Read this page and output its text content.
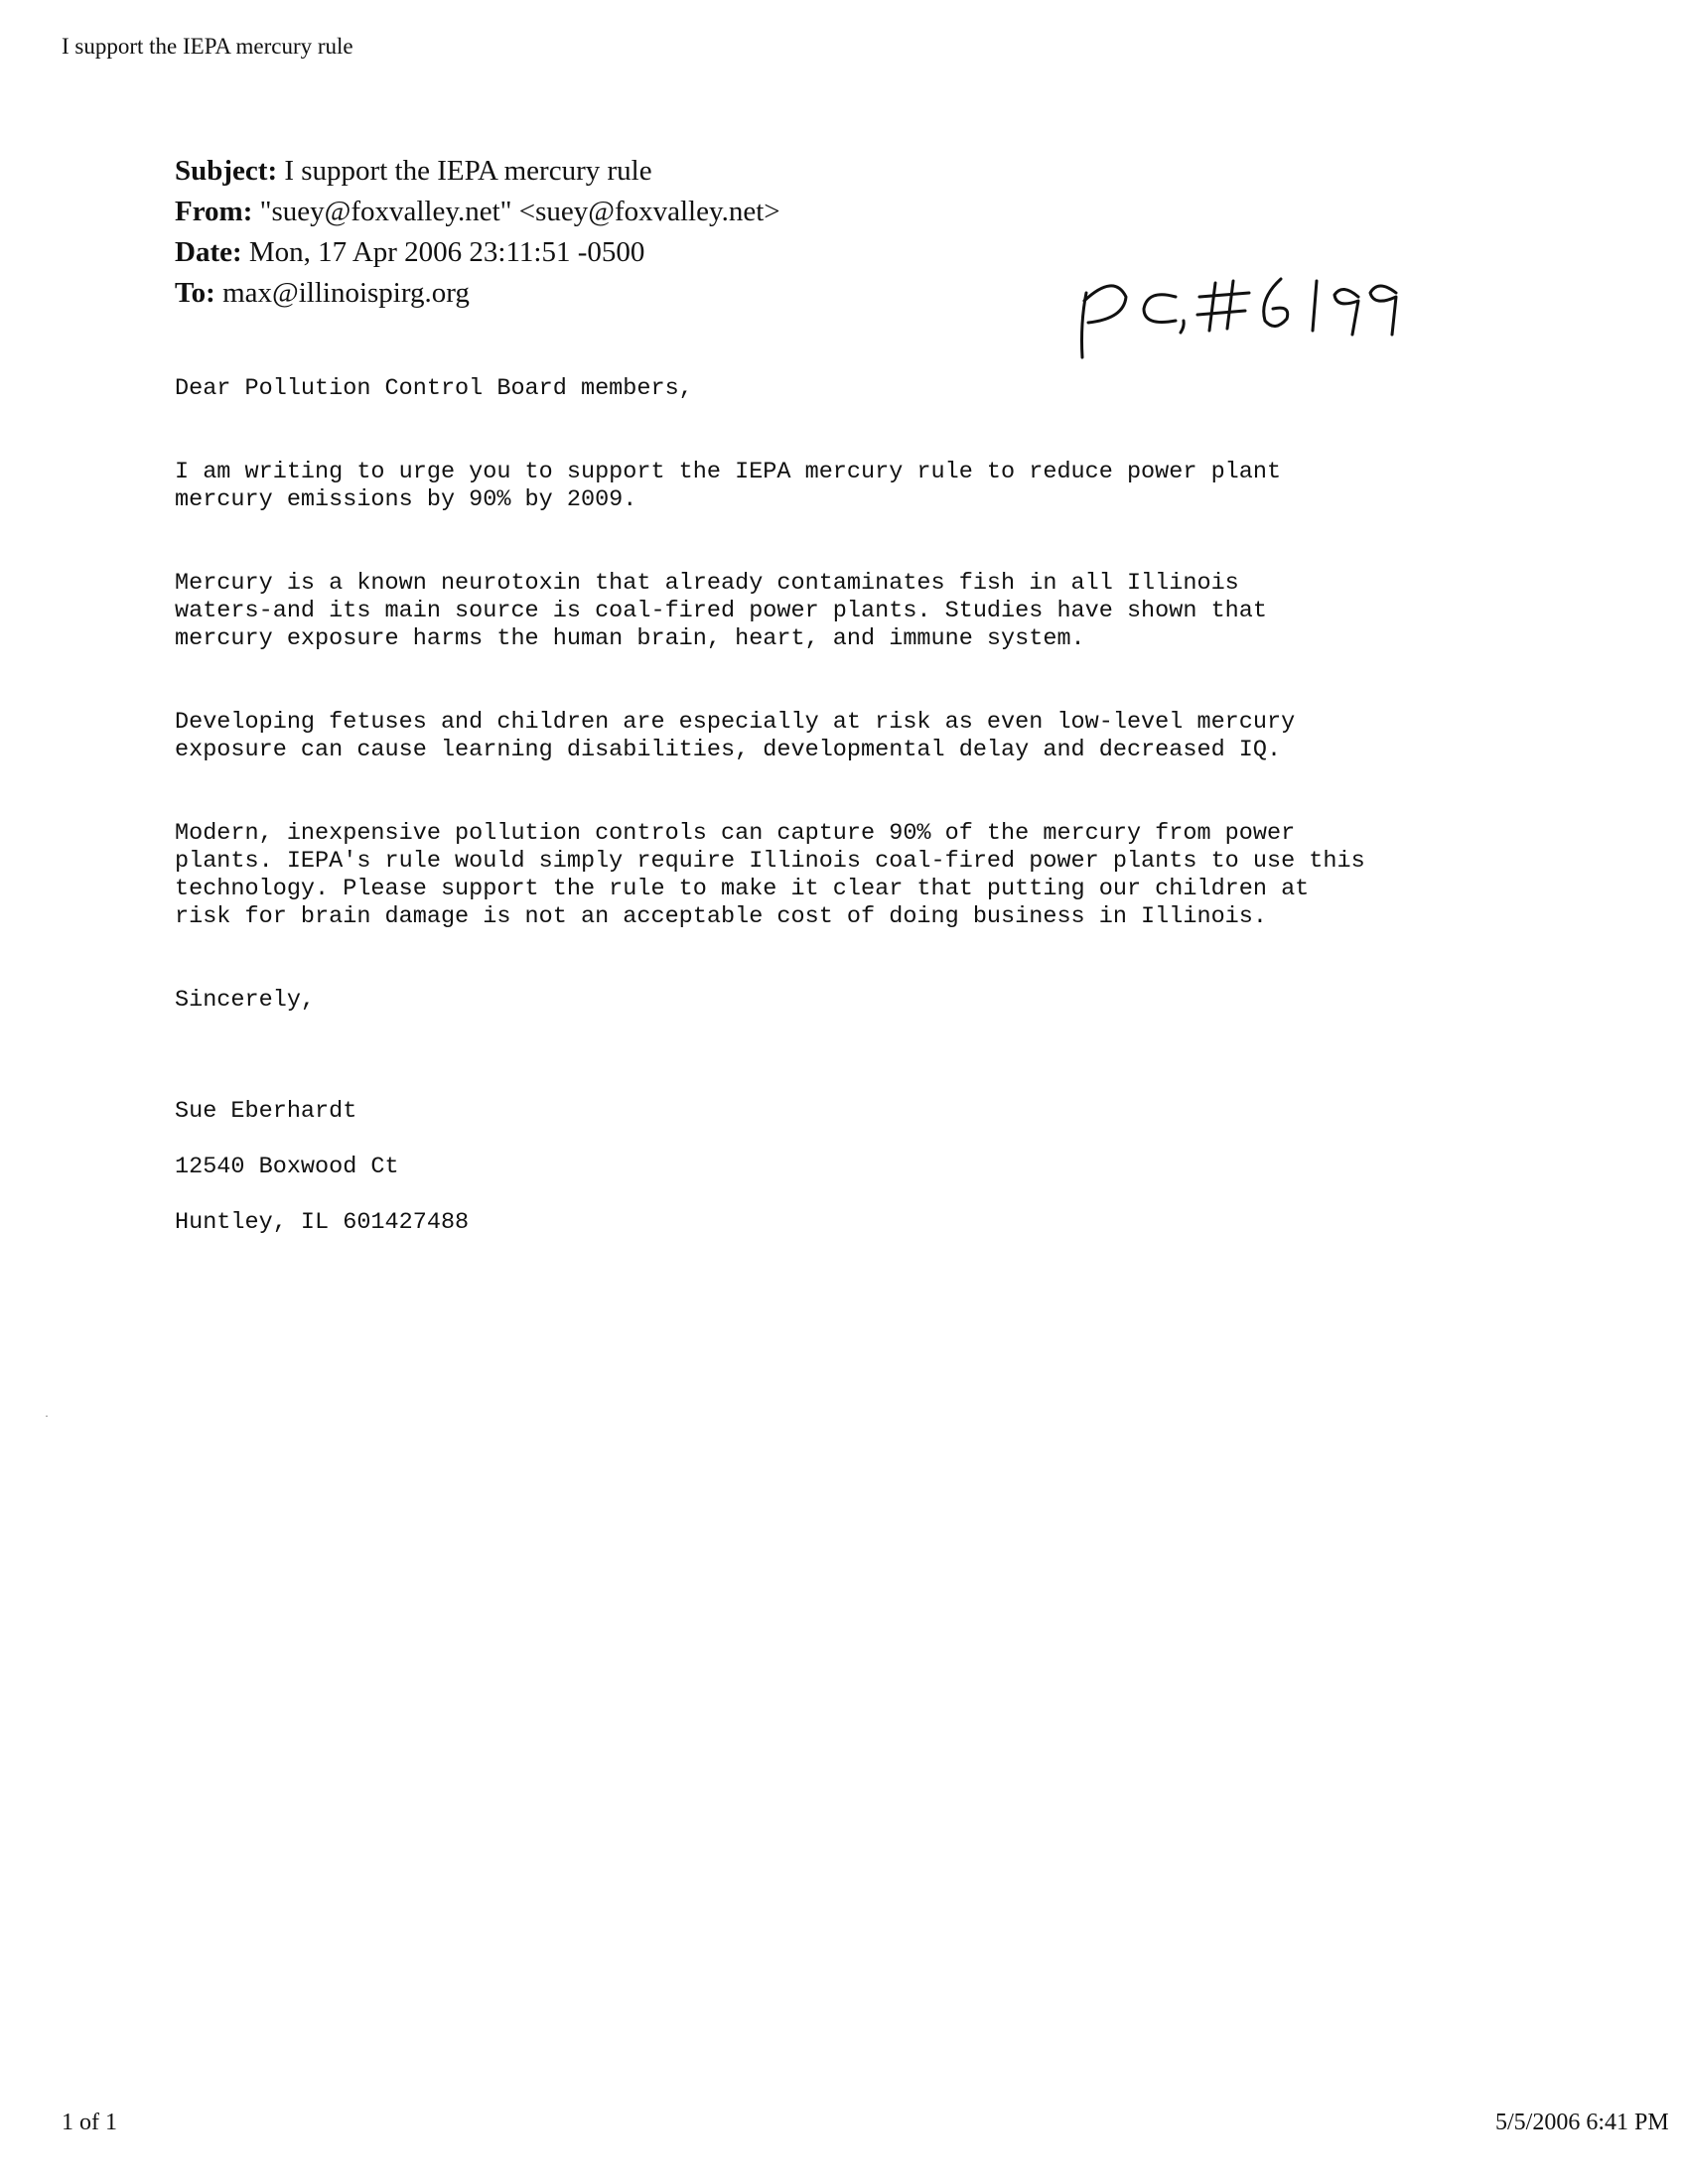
I support the IEPA mercury rule
Subject: I support the IEPA mercury rule
From: "suey@foxvalley.net" <suey@foxvalley.net>
Date: Mon, 17 Apr 2006 23:11:51 -0500
To: max@illinoispirg.org

Dear Pollution Control Board members,

I am writing to urge you to support the IEPA mercury rule to reduce power plant
mercury emissions by 90% by 2009.

Mercury is a known neurotoxin that already contaminates fish in all Illinois
waters-and its main source is coal-fired power plants. Studies have shown that
mercury exposure harms the human brain, heart, and immune system.

Developing fetuses and children are especially at risk as even low-level mercury
exposure can cause learning disabilities, developmental delay and decreased IQ.

Modern, inexpensive pollution controls can capture 90% of the mercury from power
plants. IEPA's rule would simply require Illinois coal-fired power plants to use this
technology. Please support the rule to make it clear that putting our children at
risk for brain damage is not an acceptable cost of doing business in Illinois.

Sincerely,

Sue Eberhardt

12540 Boxwood Ct

Huntley, IL 601427488

1 of 1	5/5/2006 6:41 PM
